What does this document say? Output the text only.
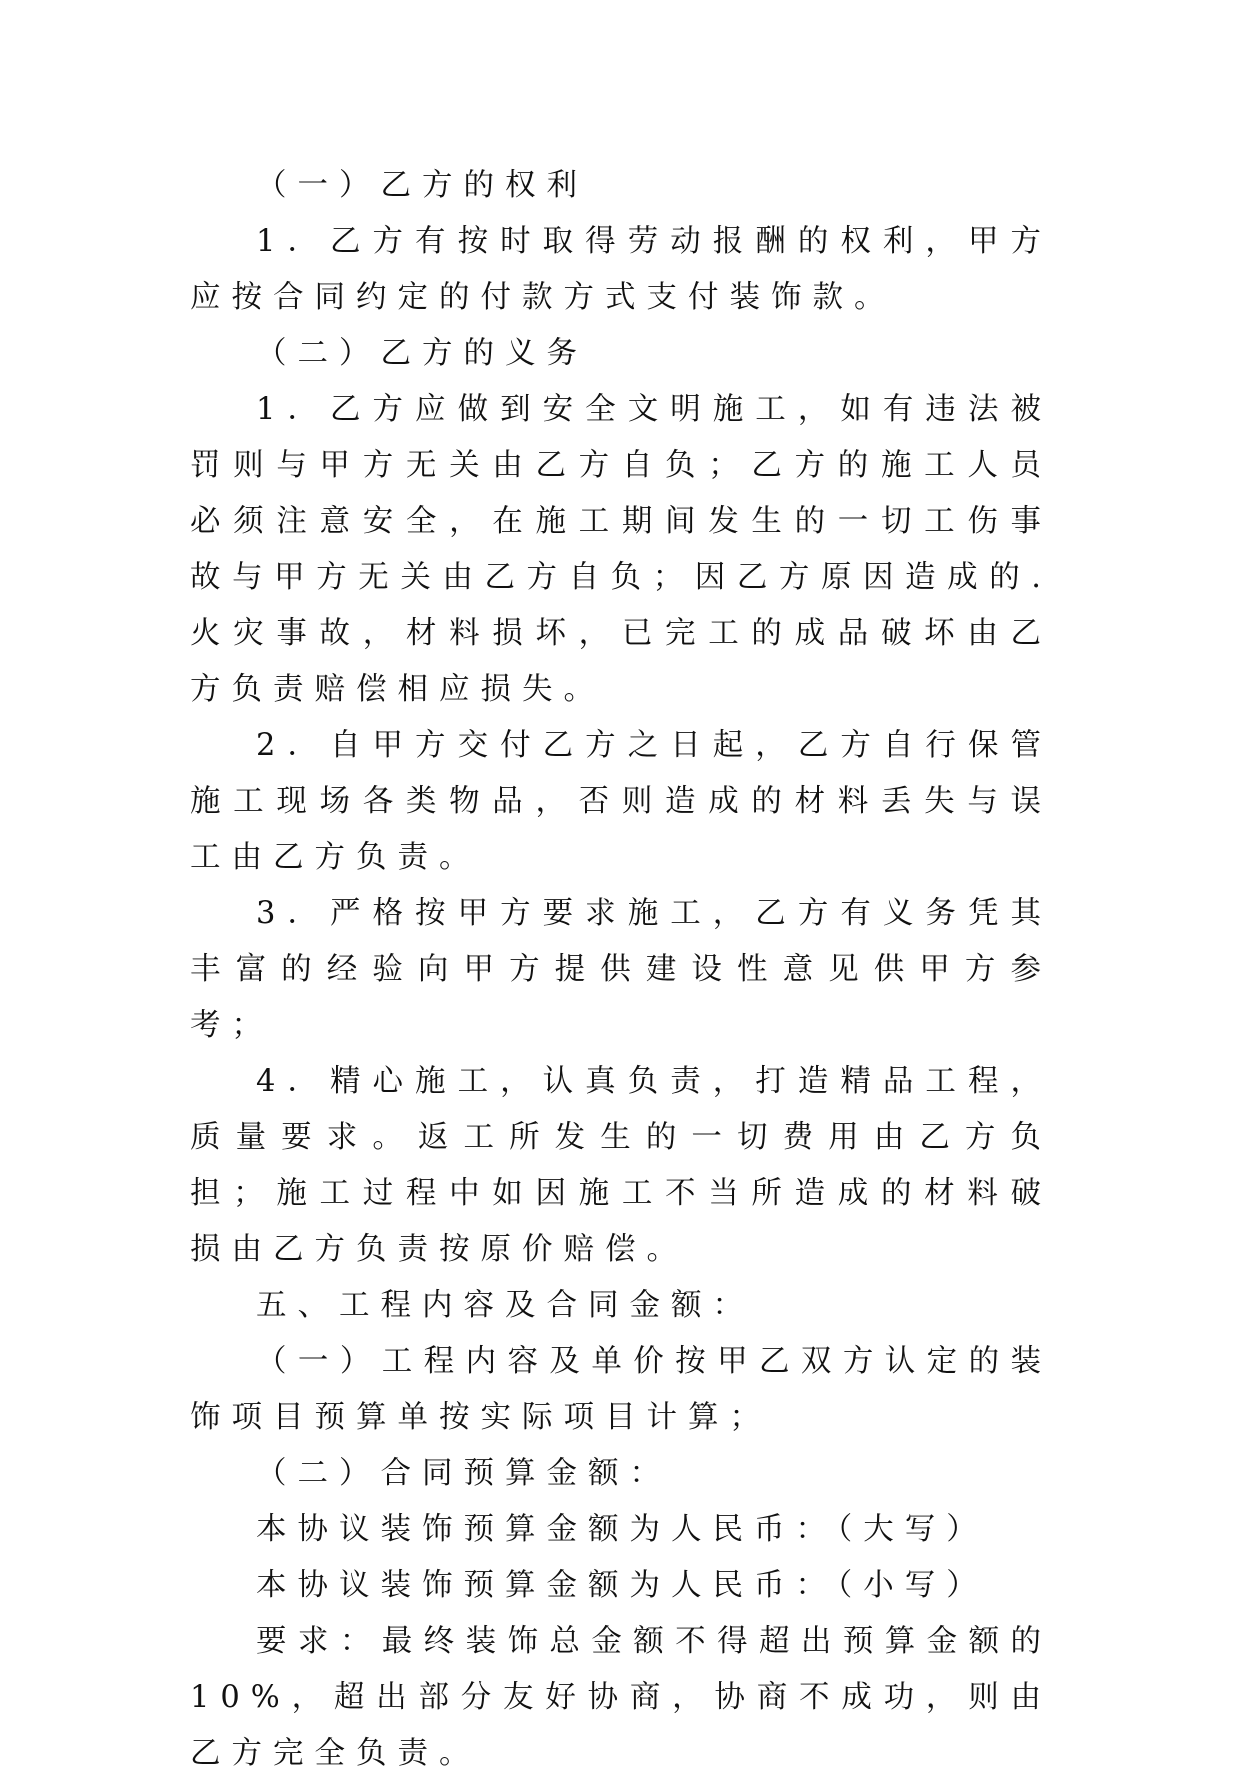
（一）乙方的权利

1．乙方有按时取得劳动报酬的权利，甲方应按合同约定的付款方式支付装饰款。

（二）乙方的义务

1．乙方应做到安全文明施工，如有违法被罚则与甲方无关由乙方自负；乙方的施工人员必须注意安全，在施工期间发生的一切工伤事故与甲方无关由乙方自负；因乙方原因造成的.火灾事故，材料损坏，已完工的成品破坏由乙方负责赔偿相应损失。

2．自甲方交付乙方之日起，乙方自行保管施工现场各类物品，否则造成的材料丢失与误工由乙方负责。

3．严格按甲方要求施工，乙方有义务凭其丰富的经验向甲方提供建设性意见供甲方参考；

4．精心施工，认真负责，打造精品工程，质量要求。返工所发生的一切费用由乙方负担；施工过程中如因施工不当所造成的材料破损由乙方负责按原价赔偿。

五、工程内容及合同金额：

（一）工程内容及单价按甲乙双方认定的装饰项目预算单按实际项目计算；

（二）合同预算金额：

本协议装饰预算金额为人民币：（大写）

本协议装饰预算金额为人民币：（小写）

要求：最终装饰总金额不得超出预算金额的10%，超出部分友好协商，协商不成功，则由乙方完全负责。
